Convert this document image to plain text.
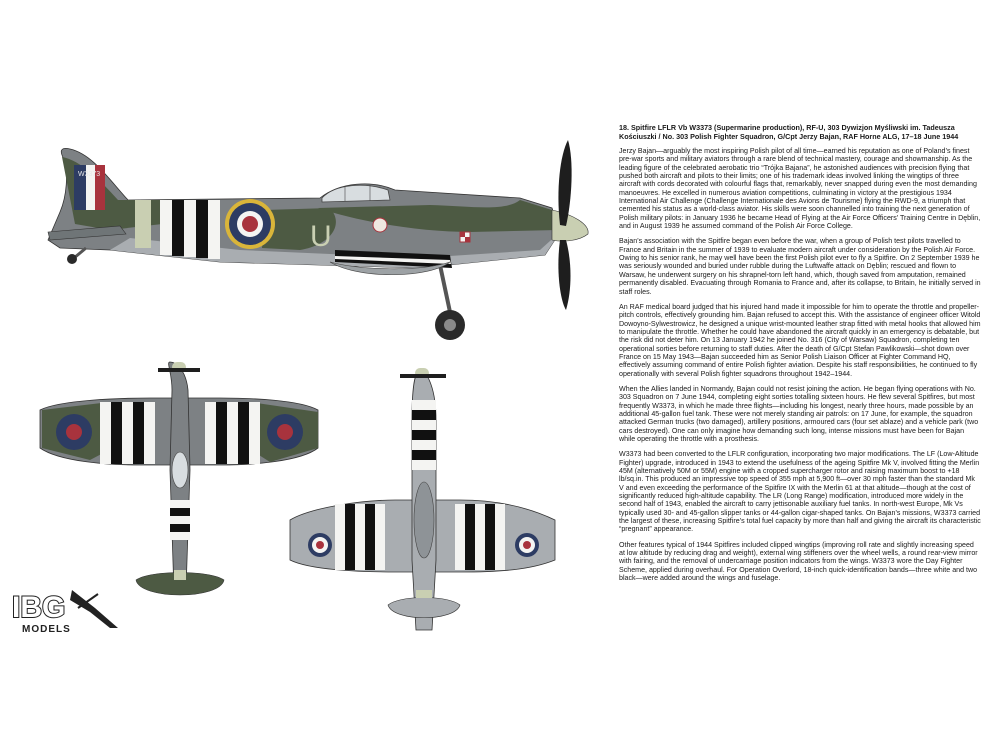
W3373
U
IBG
MODELS
18. Spitfire LFLR Vb W3373 (Supermarine production), RF-U, 303 Dywizjon Myśliwski im. Tadeusza Kościuszki / No. 303 Polish Fighter Squadron, G/Cpt Jerzy Bajan, RAF Horne ALG, 17–18 June 1944

Jerzy Bajan—arguably the most inspiring Polish pilot of all time—earned his reputation as one of Poland’s finest pre-war sports and military aviators through a rare blend of technical mastery, courage and showmanship. As the leading figure of the celebrated aerobatic trio “Trójka Bajana”, he astonished audiences with precision flying that pushed both aircraft and pilots to their limits; one of his trademark ideas involved linking the wingtips of three aircraft with cords decorated with colourful flags that, remarkably, never snapped during even the most demanding manoeuvres. He excelled in numerous aviation competitions, culminating in victory at the prestigious 1934 International Air Challenge (Challenge Internationale des Avions de Tourisme) flying the RWD-9, a triumph that cemented his status as a world-class aviator. His skills were soon channelled into training the next generation of Polish military pilots: in January 1936 he became Head of Flying at the Air Force Officers’ Training Centre in Dęblin, and in August 1939 he assumed command of the Polish Air Force College.

Bajan’s association with the Spitfire began even before the war, when a group of Polish test pilots travelled to France and Britain in the summer of 1939 to evaluate modern aircraft under consideration by the Polish Air Force. Owing to his senior rank, he may well have been the first Polish pilot ever to fly a Spitfire. On 2 September 1939 he was seriously wounded and buried under rubble during the Luftwaffe attack on Dęblin; rescued and flown to Warsaw, he underwent surgery on his shrapnel-torn left hand, which, though saved from amputation, remained permanently disabled. Evacuating through Romania to France and, after its collapse, to Britain, he initially served in staff roles.

An RAF medical board judged that his injured hand made it impossible for him to operate the throttle and propeller-pitch controls, effectively grounding him. Bajan refused to accept this. With the assistance of engineer officer Witold Dowoyno-Sylwestrowicz, he designed a unique wrist-mounted leather strap fitted with metal hooks that allowed him to manipulate the throttle. Whether he could have abandoned the aircraft quickly in an emergency is debatable, but the risk did not deter him. On 13 January 1942 he joined No. 316 (City of Warsaw) Squadron, completing ten operational sorties before returning to staff duties. After the death of G/Cpt Stefan Pawlikowski—shot down over France on 15 May 1943—Bajan succeeded him as Senior Polish Liaison Officer at Fighter Command HQ, effectively assuming command of entire Polish fighter aviation. Despite his staff responsibilities, he continued to fly operationally with several Polish fighter squadrons throughout 1942–1944.

When the Allies landed in Normandy, Bajan could not resist joining the action. He began flying operations with No. 303 Squadron on 7 June 1944, completing eight sorties totalling sixteen hours. He flew several Spitfires, but most frequently W3373, in which he made three flights—including his longest, nearly three hours, made possible by an additional 45-gallon fuel tank. These were not merely standing air patrols: on 17 June, for example, the squadron attacked German trucks (two damaged), artillery positions, armoured cars (four set ablaze) and a vehicle park (two cars destroyed). One can only imagine how demanding such long, intense missions must have been for Bajan while operating the throttle with a prosthesis.

W3373 had been converted to the LFLR configuration, incorporating two major modifications. The LF (Low-Altitude Fighter) upgrade, introduced in 1943 to extend the usefulness of the ageing Spitfire Mk V, involved fitting the Merlin 45M (alternatively 50M or 55M) engine with a cropped supercharger rotor and raising maximum boost to +18 lb/sq.in. This produced an impressive top speed of 355 mph at 5,900 ft—over 30 mph faster than the standard Mk V and even exceeding the performance of the Spitfire IX with the Merlin 61 at that altitude—though at the cost of significantly reduced high-altitude capability. The LR (Long Range) modification, introduced more widely in the second half of 1943, enabled the aircraft to carry jettisonable auxiliary fuel tanks. In north-west Europe, Mk Vs typically used 30- and 45-gallon slipper tanks or 44-gallon cigar-shaped tanks. On Bajan’s missions, W3373 carried the largest of these, increasing Spitfire’s total fuel capacity by more than half and giving the aircraft its characteristic “pregnant” appearance.

Other features typical of 1944 Spitfires included clipped wingtips (improving roll rate and slightly increasing speed at low altitude by reducing drag and weight), external wing stiffeners over the wheel wells, a round rear-view mirror with fairing, and the removal of undercarriage position indicators from the wings. W3373 wore the Day Fighter Scheme, applied during overhaul. For Operation Overlord, 18-inch quick-identification bands—three white and two black—were added around the wings and fuselage.
